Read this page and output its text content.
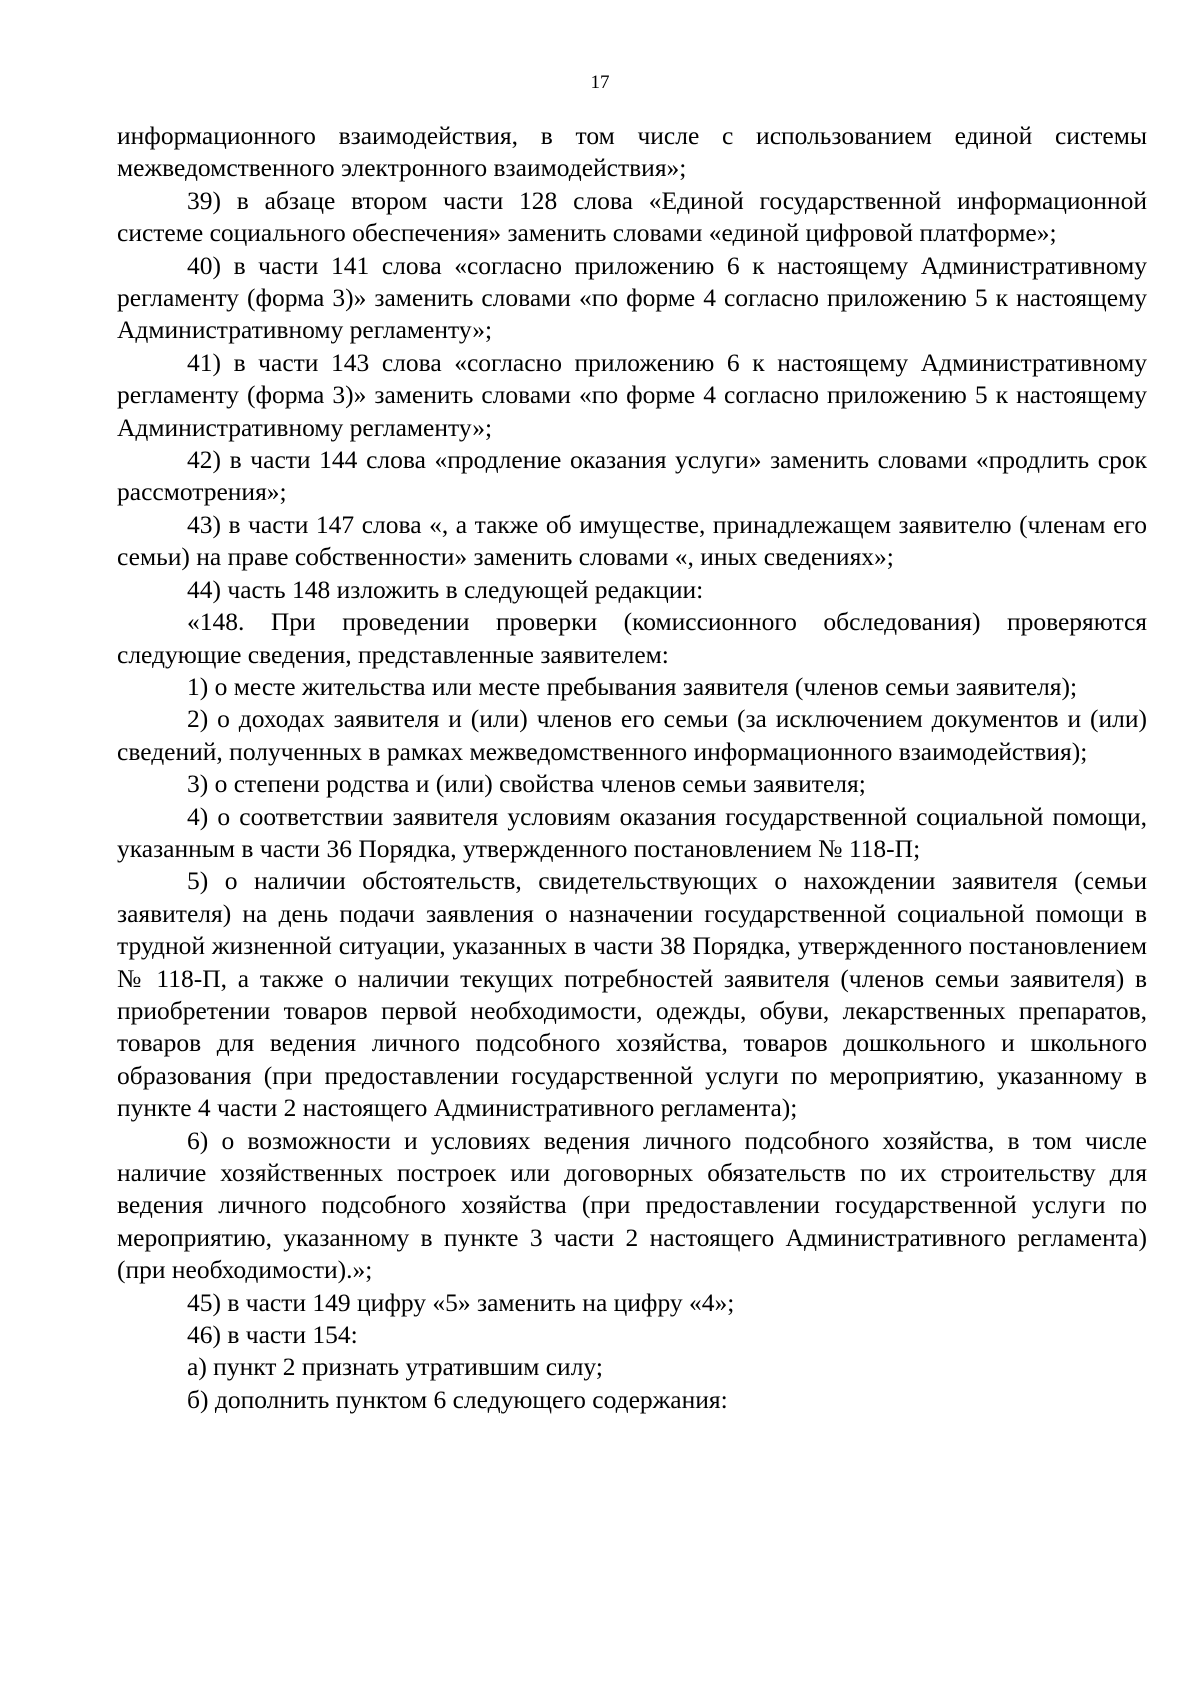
17

информационного взаимодействия, в том числе с использованием единой системы межведомственного электронного взаимодействия»;

39) в абзаце втором части 128 слова «Единой государственной информационной системе социального обеспечения» заменить словами «единой цифровой платформе»;

40) в части 141 слова «согласно приложению 6 к настоящему Административному регламенту (форма 3)» заменить словами «по форме 4 согласно приложению 5 к настоящему Административному регламенту»;

41) в части 143 слова «согласно приложению 6 к настоящему Административному регламенту (форма 3)» заменить словами «по форме 4 согласно приложению 5 к настоящему Административному регламенту»;

42) в части 144 слова «продление оказания услуги» заменить словами «продлить срок рассмотрения»;

43) в части 147 слова «, а также об имуществе, принадлежащем заявителю (членам его семьи) на праве собственности» заменить словами «, иных сведениях»;

44) часть 148 изложить в следующей редакции:

«148. При проведении проверки (комиссионного обследования) проверяются следующие сведения, представленные заявителем:

1) о месте жительства или месте пребывания заявителя (членов семьи заявителя);

2) о доходах заявителя и (или) членов его семьи (за исключением документов и (или) сведений, полученных в рамках межведомственного информационного взаимодействия);

3) о степени родства и (или) свойства членов семьи заявителя;

4) о соответствии заявителя условиям оказания государственной социальной помощи, указанным в части 36 Порядка, утвержденного постановлением № 118-П;

5) о наличии обстоятельств, свидетельствующих о нахождении заявителя (семьи заявителя) на день подачи заявления о назначении государственной социальной помощи в трудной жизненной ситуации, указанных в части 38 Порядка, утвержденного постановлением № 118-П, а также о наличии текущих потребностей заявителя (членов семьи заявителя) в приобретении товаров первой необходимости, одежды, обуви, лекарственных препаратов, товаров для ведения личного подсобного хозяйства, товаров дошкольного и школьного образования (при предоставлении государственной услуги по мероприятию, указанному в пункте 4 части 2 настоящего Административного регламента);

6) о возможности и условиях ведения личного подсобного хозяйства, в том числе наличие хозяйственных построек или договорных обязательств по их строительству для ведения личного подсобного хозяйства (при предоставлении государственной услуги по мероприятию, указанному в пункте 3 части 2 настоящего Административного регламента)(при необходимости).»;

45) в части 149 цифру «5» заменить на цифру «4»;

46) в части 154:

а) пункт 2 признать утратившим силу;

б) дополнить пунктом 6 следующего содержания:
